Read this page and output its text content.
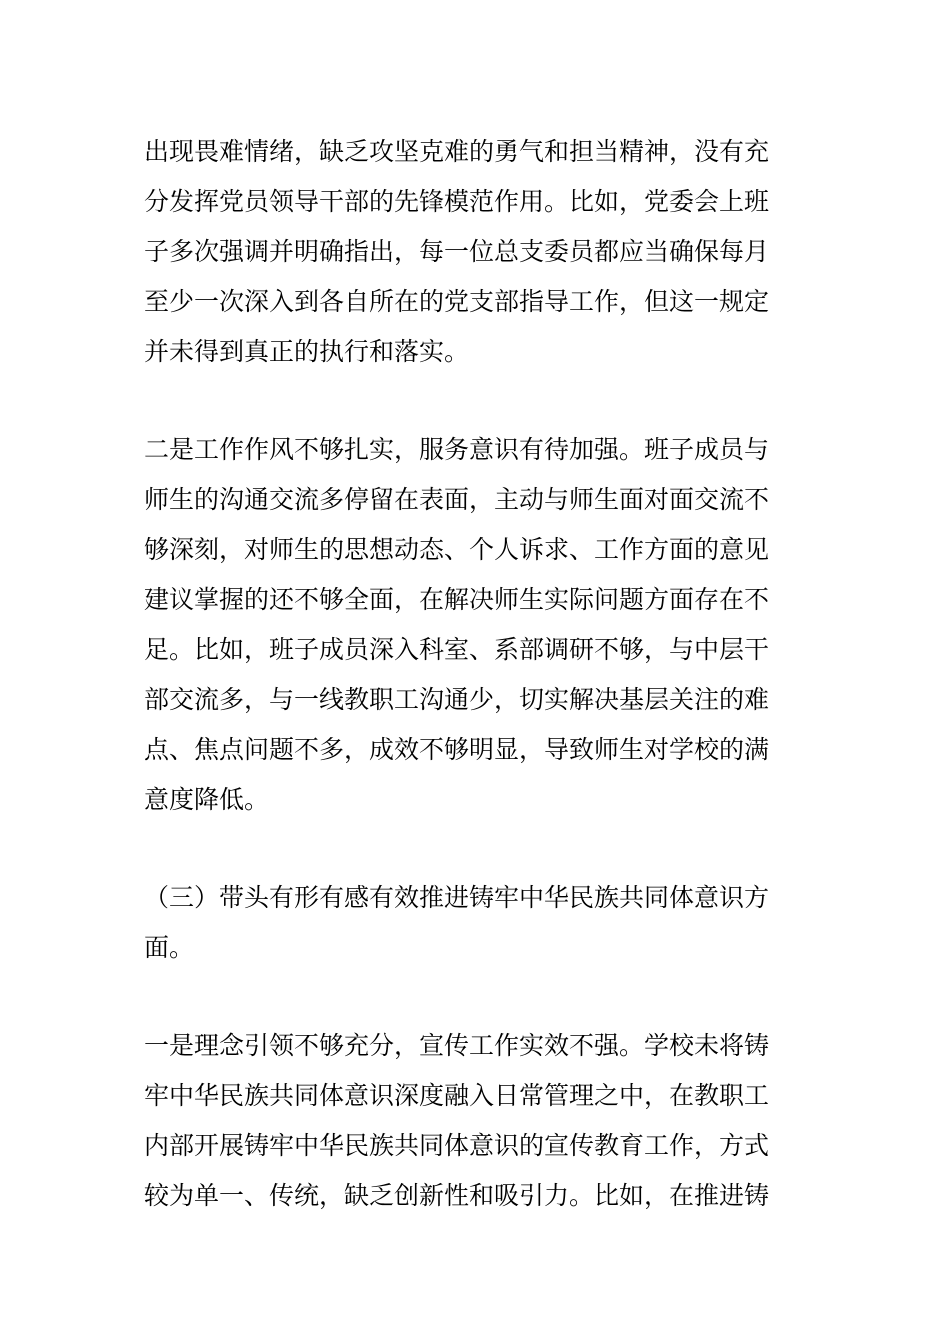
出现畏难情绪，缺乏攻坚克难的勇气和担当精神，没有充
分发挥党员领导干部的先锋模范作用。比如，党委会上班
子多次强调并明确指出，每一位总支委员都应当确保每月
至少一次深入到各自所在的党支部指导工作，但这一规定
并未得到真正的执行和落实。
二是工作作风不够扎实，服务意识有待加强。班子成员与
师生的沟通交流多停留在表面，主动与师生面对面交流不
够深刻，对师生的思想动态、个人诉求、工作方面的意见
建议掌握的还不够全面，在解决师生实际问题方面存在不
足。比如，班子成员深入科室、系部调研不够，与中层干
部交流多，与一线教职工沟通少，切实解决基层关注的难
点、焦点问题不多，成效不够明显，导致师生对学校的满
意度降低。
（三）带头有形有感有效推进铸牢中华民族共同体意识方
面。
一是理念引领不够充分，宣传工作实效不强。学校未将铸
牢中华民族共同体意识深度融入日常管理之中，在教职工
内部开展铸牢中华民族共同体意识的宣传教育工作，方式
较为单一、传统，缺乏创新性和吸引力。比如，在推进铸
